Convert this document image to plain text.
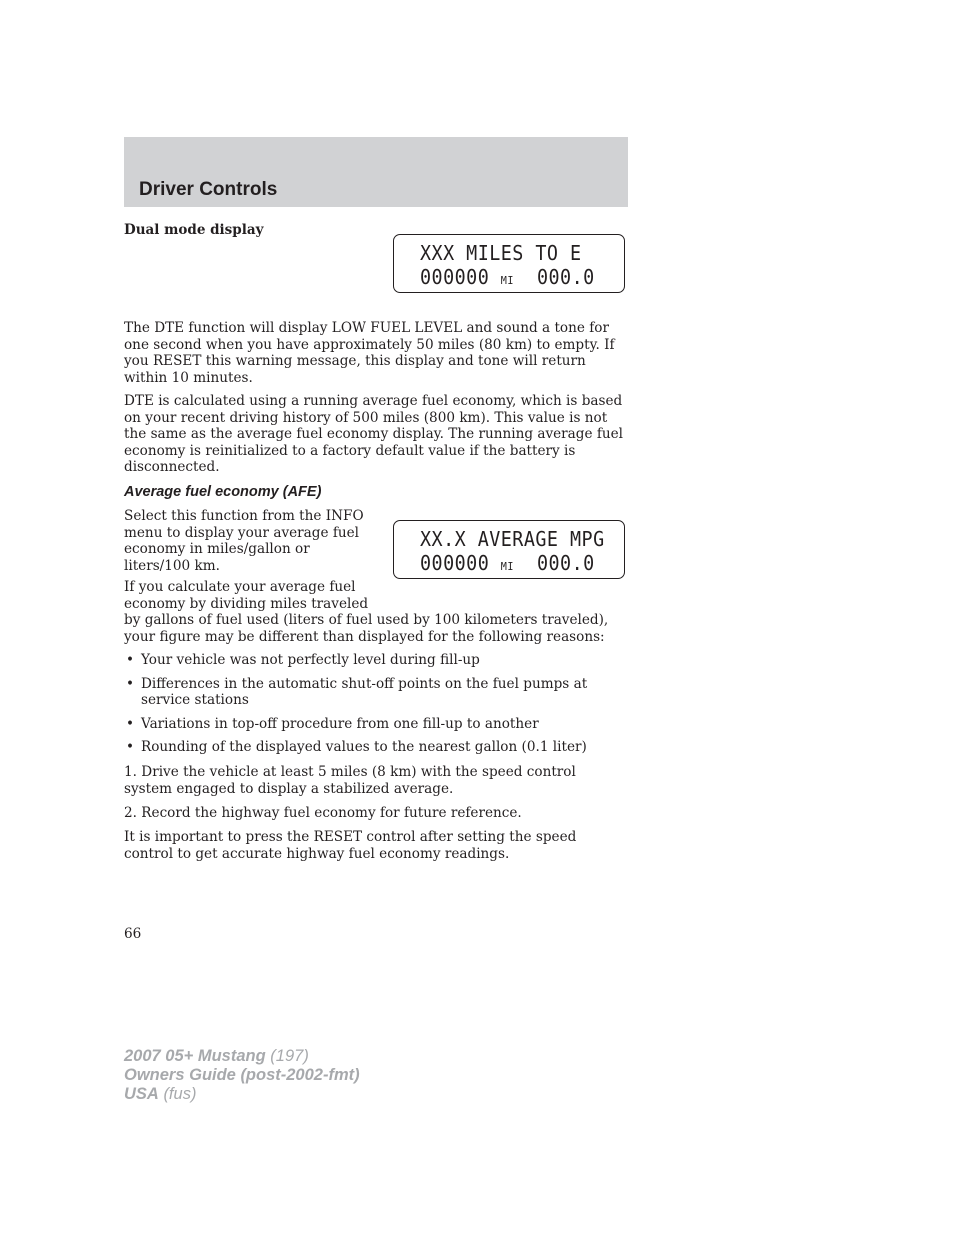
Driver Controls
Dual mode display
XXX MILES TO E
000000 MI 000.0

The DTE function will display LOW FUEL LEVEL and sound a tone for one second when you have approximately 50 miles (80 km) to empty. If you RESET this warning message, this display and tone will return within 10 minutes.

DTE is calculated using a running average fuel economy, which is based on your recent driving history of 500 miles (800 km). This value is not the same as the average fuel economy display. The running average fuel economy is reinitialized to a factory default value if the battery is disconnected.

Average fuel economy (AFE)

Select this function from the INFO menu to display your average fuel economy in miles/gallon or liters/100 km.

XX.X AVERAGE MPG
000000 MI 000.0

If you calculate your average fuel economy by dividing miles traveled

by gallons of fuel used (liters of fuel used by 100 kilometers traveled), your figure may be different than displayed for the following reasons:

• Your vehicle was not perfectly level during fill-up
• Differences in the automatic shut-off points on the fuel pumps at service stations
• Variations in top-off procedure from one fill-up to another
• Rounding of the displayed values to the nearest gallon (0.1 liter)

1. Drive the vehicle at least 5 miles (8 km) with the speed control system engaged to display a stabilized average.

2. Record the highway fuel economy for future reference.

It is important to press the RESET control after setting the speed control to get accurate highway fuel economy readings.

66

2007 05+ Mustang (197)
Owners Guide (post-2002-fmt)
USA (fus)
